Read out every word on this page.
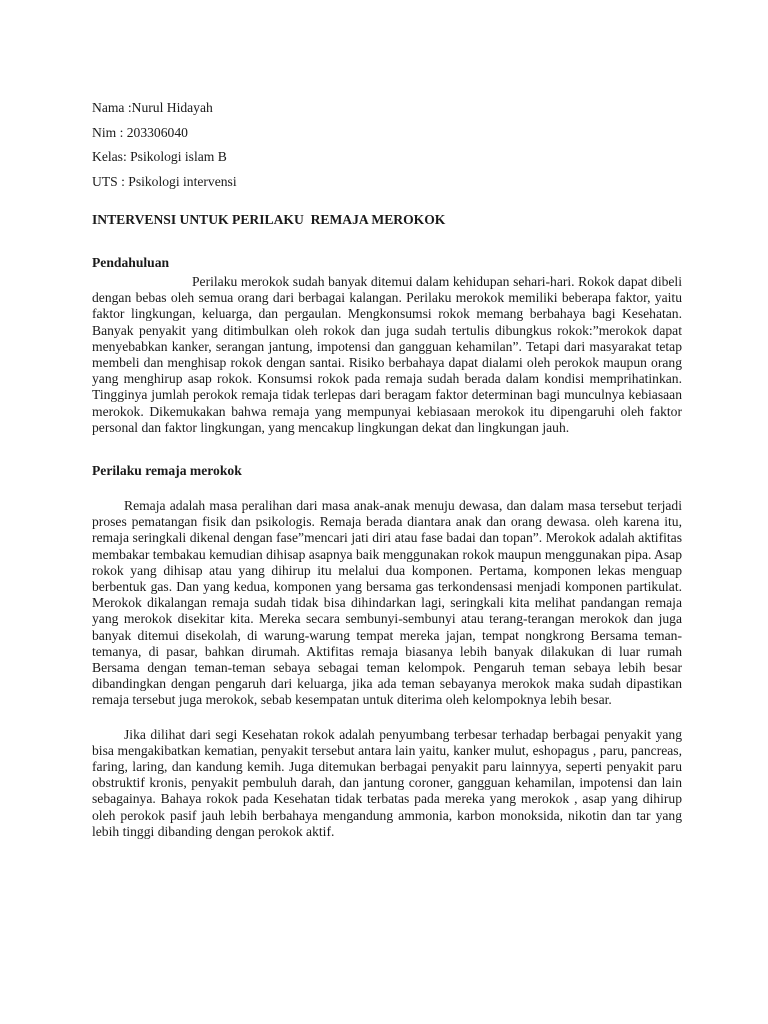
Nama :Nurul Hidayah
Nim : 203306040
Kelas: Psikologi islam B
UTS : Psikologi intervensi
INTERVENSI UNTUK PERILAKU  REMAJA MEROKOK
Pendahuluan

Perilaku merokok sudah banyak ditemui dalam kehidupan sehari-hari. Rokok dapat dibeli dengan bebas oleh semua orang dari berbagai kalangan. Perilaku merokok memiliki beberapa faktor, yaitu faktor lingkungan, keluarga, dan pergaulan. Mengkonsumsi rokok memang berbahaya bagi Kesehatan. Banyak penyakit yang ditimbulkan oleh rokok dan juga sudah tertulis dibungkus rokok:”merokok dapat menyebabkan kanker, serangan jantung, impotensi dan gangguan kehamilan”. Tetapi dari masyarakat tetap membeli dan menghisap rokok dengan santai. Risiko berbahaya dapat dialami oleh perokok maupun orang yang menghirup asap rokok. Konsumsi rokok pada remaja sudah berada dalam kondisi memprihatinkan. Tingginya jumlah perokok remaja tidak terlepas dari beragam faktor determinan bagi munculnya kebiasaan merokok. Dikemukakan bahwa remaja yang mempunyai kebiasaan merokok itu dipengaruhi oleh faktor personal dan faktor lingkungan, yang mencakup lingkungan dekat dan lingkungan jauh.

Perilaku remaja merokok

Remaja adalah masa peralihan dari masa anak-anak menuju dewasa, dan dalam masa tersebut terjadi proses pematangan fisik dan psikologis. Remaja berada diantara anak dan orang dewasa. oleh karena itu, remaja seringkali dikenal dengan fase”mencari jati diri atau fase badai dan topan”. Merokok adalah aktifitas membakar tembakau kemudian dihisap asapnya baik menggunakan rokok maupun menggunakan pipa. Asap rokok yang dihisap atau yang dihirup itu melalui dua komponen. Pertama, komponen lekas menguap berbentuk gas. Dan yang kedua, komponen yang bersama gas terkondensasi menjadi komponen partikulat. Merokok dikalangan remaja sudah tidak bisa dihindarkan lagi, seringkali kita melihat pandangan remaja yang merokok disekitar kita. Mereka secara sembunyi-sembunyi atau terang-terangan merokok dan juga banyak ditemui disekolah, di warung-warung tempat mereka jajan, tempat nongkrong Bersama teman-temanya, di pasar, bahkan dirumah. Aktifitas remaja biasanya lebih banyak dilakukan di luar rumah Bersama dengan teman-teman sebaya sebagai teman kelompok. Pengaruh teman sebaya lebih besar dibandingkan dengan pengaruh dari keluarga, jika ada teman sebayanya merokok maka sudah dipastikan remaja tersebut juga merokok, sebab kesempatan untuk diterima oleh kelompoknya lebih besar.

Jika dilihat dari segi Kesehatan rokok adalah penyumbang terbesar terhadap berbagai penyakit yang bisa mengakibatkan kematian, penyakit tersebut antara lain yaitu, kanker mulut, eshopagus , paru, pancreas, faring, laring, dan kandung kemih. Juga ditemukan berbagai penyakit paru lainnyya, seperti penyakit paru obstruktif kronis, penyakit pembuluh darah, dan jantung coroner, gangguan kehamilan, impotensi dan lain sebagainya. Bahaya rokok pada Kesehatan tidak terbatas pada mereka yang merokok , asap yang dihirup oleh perokok pasif jauh lebih berbahaya mengandung ammonia, karbon monoksida, nikotin dan tar yang lebih tinggi dibanding dengan perokok aktif.
